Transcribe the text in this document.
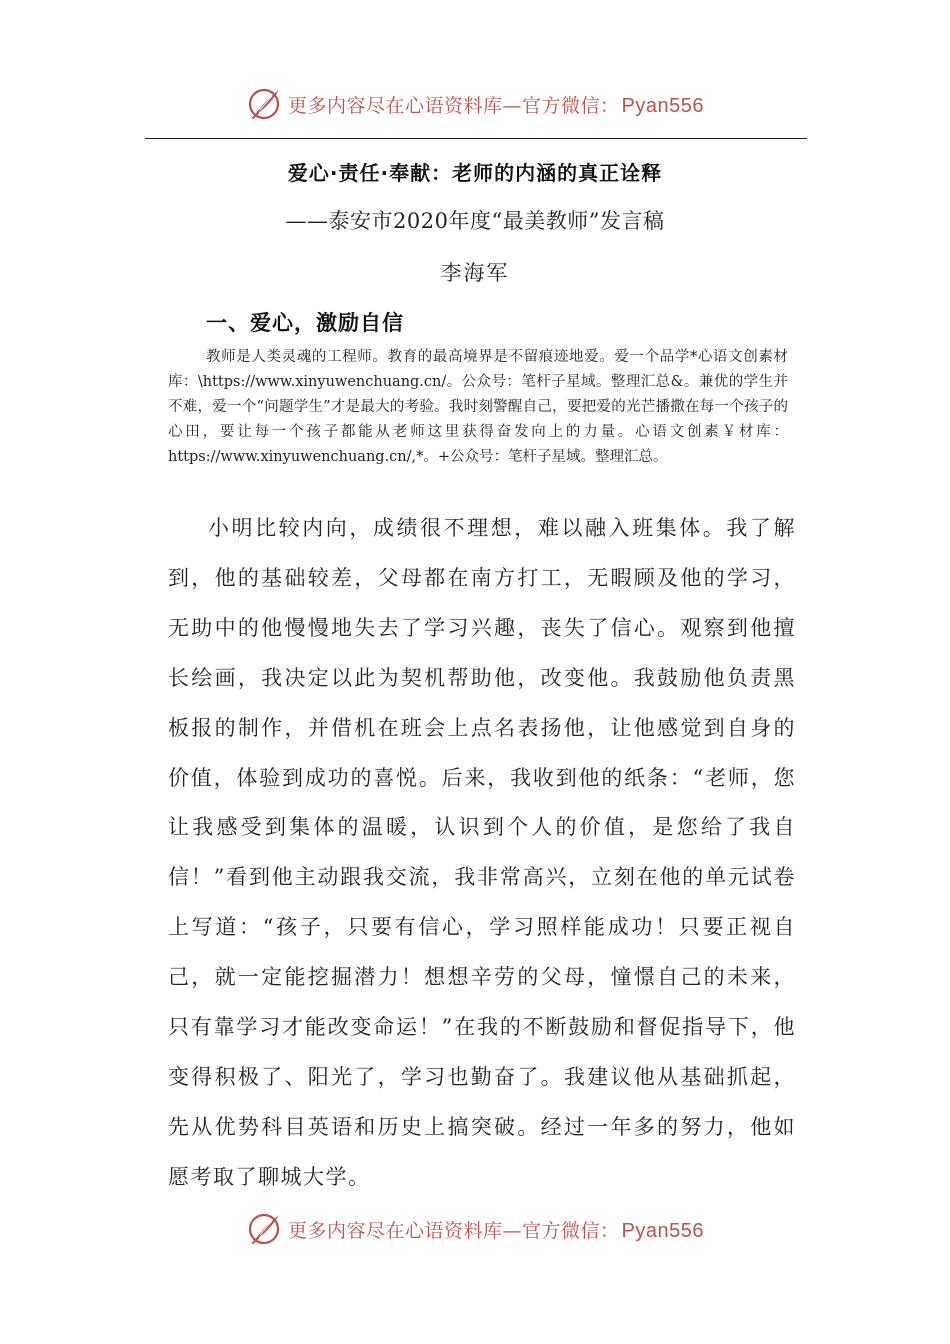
更多内容尽在心语资料库—官方微信： Pyan556
爱心·责任·奉献：老师的内涵的真正诠释
——泰安市2020年度“最美教师”发言稿
李海军
一、爱心，激励自信

教师是人类灵魂的工程师。教育的最高境界是不留痕迹地爱。爱一个品学*心语文创素材库：\https://www.xinyuwenchuang.cn/。公众号：笔杆子星域。整理汇总&。兼优的学生并不难，爱一个“问题学生”才是最大的考验。我时刻警醒自己，要把爱的光芒播撒在每一个孩子的心田，要让每一个孩子都能从老师这里获得奋发向上的力量。心语文创素￥材库：https://www.xinyuwenchuang.cn/,*。+公众号：笔杆子星域。整理汇总。

小明比较内向，成绩很不理想，难以融入班集体。我了解到，他的基础较差，父母都在南方打工，无暇顾及他的学习，无助中的他慢慢地失去了学习兴趣，丧失了信心。观察到他擅长绘画，我决定以此为契机帮助他，改变他。我鼓励他负责黑板报的制作，并借机在班会上点名表扬他，让他感觉到自身的价值，体验到成功的喜悦。后来，我收到他的纸条：“老师，您让我感受到集体的温暖，认识到个人的价值，是您给了我自信！”看到他主动跟我交流，我非常高兴，立刻在他的单元试卷上写道：“孩子，只要有信心，学习照样能成功！只要正视自己，就一定能挖掘潜力！想想辛劳的父母，憧憬自己的未来，只有靠学习才能改变命运！”在我的不断鼓励和督促指导下，他变得积极了、阳光了，学习也勤奋了。我建议他从基础抓起，先从优势科目英语和历史上搞突破。经过一年多的努力，他如愿考取了聊城大学。

更多内容尽在心语资料库—官方微信： Pyan556
